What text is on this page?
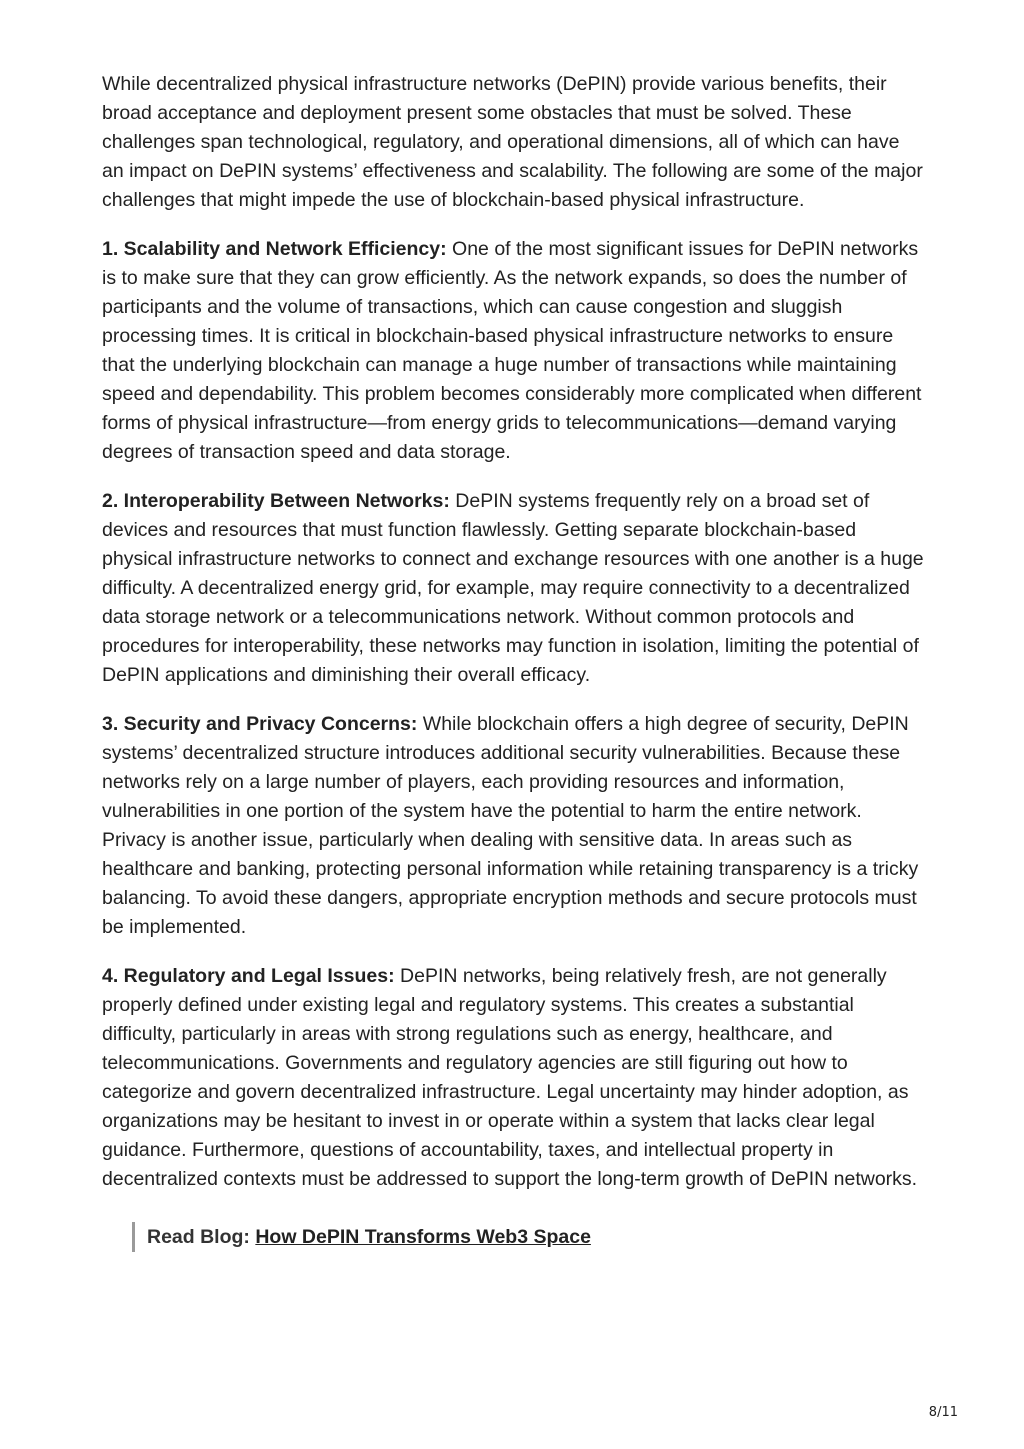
While decentralized physical infrastructure networks (DePIN) provide various benefits, their broad acceptance and deployment present some obstacles that must be solved. These challenges span technological, regulatory, and operational dimensions, all of which can have an impact on DePIN systems’ effectiveness and scalability. The following are some of the major challenges that might impede the use of blockchain-based physical infrastructure.

1. Scalability and Network Efficiency: One of the most significant issues for DePIN networks is to make sure that they can grow efficiently. As the network expands, so does the number of participants and the volume of transactions, which can cause congestion and sluggish processing times. It is critical in blockchain-based physical infrastructure networks to ensure that the underlying blockchain can manage a huge number of transactions while maintaining speed and dependability. This problem becomes considerably more complicated when different forms of physical infrastructure—from energy grids to telecommunications—demand varying degrees of transaction speed and data storage.

2. Interoperability Between Networks: DePIN systems frequently rely on a broad set of devices and resources that must function flawlessly. Getting separate blockchain-based physical infrastructure networks to connect and exchange resources with one another is a huge difficulty. A decentralized energy grid, for example, may require connectivity to a decentralized data storage network or a telecommunications network. Without common protocols and procedures for interoperability, these networks may function in isolation, limiting the potential of DePIN applications and diminishing their overall efficacy.

3. Security and Privacy Concerns: While blockchain offers a high degree of security, DePIN systems’ decentralized structure introduces additional security vulnerabilities. Because these networks rely on a large number of players, each providing resources and information, vulnerabilities in one portion of the system have the potential to harm the entire network. Privacy is another issue, particularly when dealing with sensitive data. In areas such as healthcare and banking, protecting personal information while retaining transparency is a tricky balancing. To avoid these dangers, appropriate encryption methods and secure protocols must be implemented.

4. Regulatory and Legal Issues: DePIN networks, being relatively fresh, are not generally properly defined under existing legal and regulatory systems. This creates a substantial difficulty, particularly in areas with strong regulations such as energy, healthcare, and telecommunications. Governments and regulatory agencies are still figuring out how to categorize and govern decentralized infrastructure. Legal uncertainty may hinder adoption, as organizations may be hesitant to invest in or operate within a system that lacks clear legal guidance. Furthermore, questions of accountability, taxes, and intellectual property in decentralized contexts must be addressed to support the long-term growth of DePIN networks.

Read Blog: How DePIN Transforms Web3 Space
8/11
